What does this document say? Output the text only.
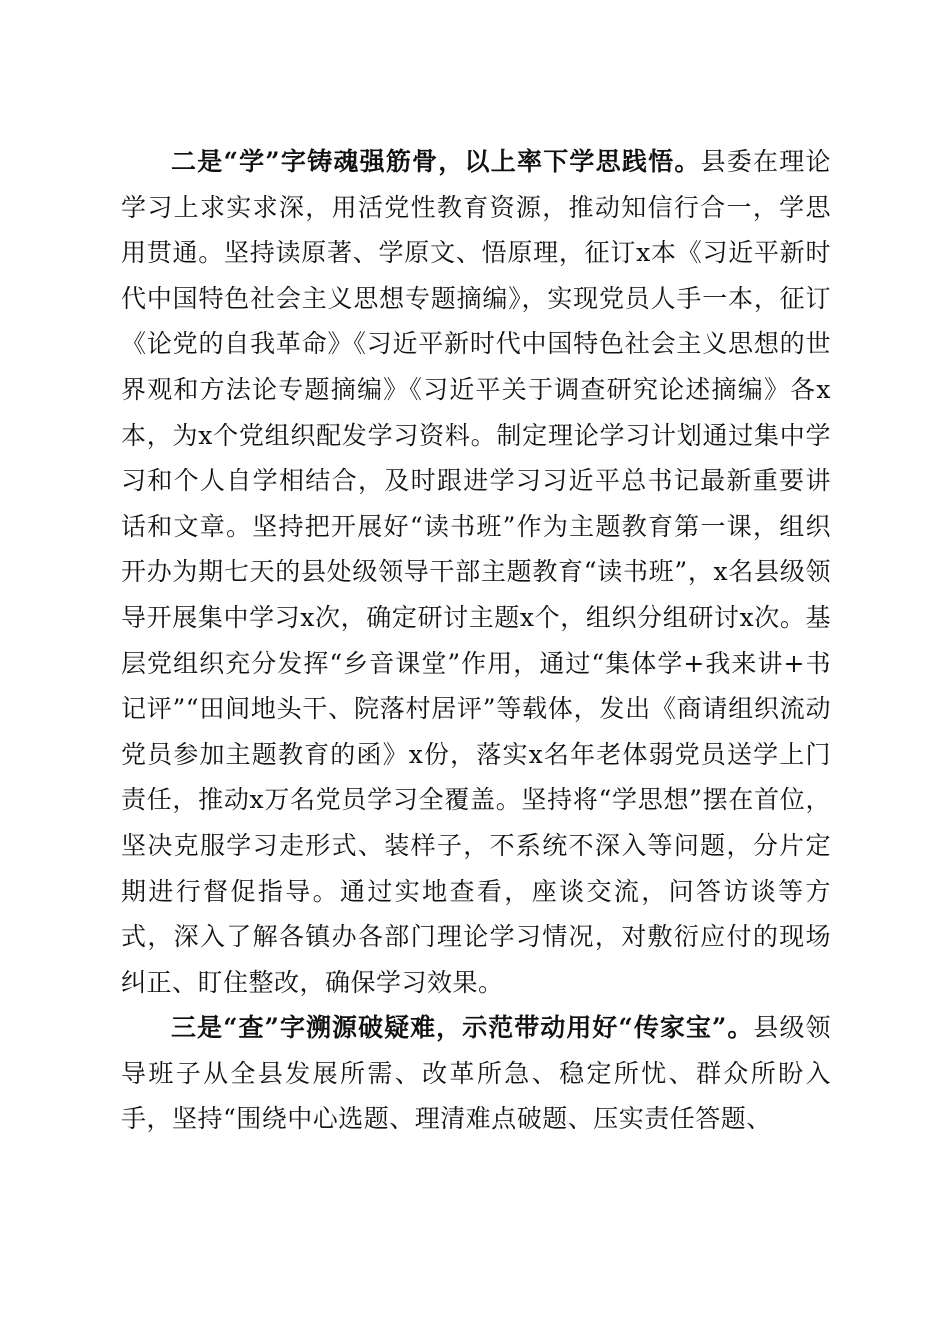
二是“学”字铸魂强筋骨，以上率下学思践悟。县委在理论学习上求实求深，用活党性教育资源，推动知信行合一，学思用贯通。坚持读原著、学原文、悟原理，征订x本《习近平新时代中国特色社会主义思想专题摘编》，实现党员人手一本，征订《论党的自我革命》《习近平新时代中国特色社会主义思想的世界观和方法论专题摘编》《习近平关于调查研究论述摘编》各x本，为x个党组织配发学习资料。制定理论学习计划通过集中学习和个人自学相结合，及时跟进学习习近平总书记最新重要讲话和文章。坚持把开展好“读书班”作为主题教育第一课，组织开办为期七天的县处级领导干部主题教育“读书班”，x名县级领导开展集中学习x次，确定研讨主题x个，组织分组研讨x次。基层党组织充分发挥“乡音课堂”作用，通过“集体学+我来讲+书记评”“田间地头干、院落村居评”等载体，发出《商请组织流动党员参加主题教育的函》x份，落实x名年老体弱党员送学上门责任，推动x万名党员学习全覆盖。坚持将“学思想”摆在首位，坚决克服学习走形式、装样子，不系统不深入等问题，分片定期进行督促指导。通过实地查看，座谈交流，问答访谈等方式，深入了解各镇办各部门理论学习情况，对敷衍应付的现场纠正、盯住整改，确保学习效果。

三是“查”字溯源破疑难，示范带动用好“传家宝”。县级领导班子从全县发展所需、改革所急、稳定所忧、群众所盼入手，坚持“围绕中心选题、理清难点破题、压实责任答题、
